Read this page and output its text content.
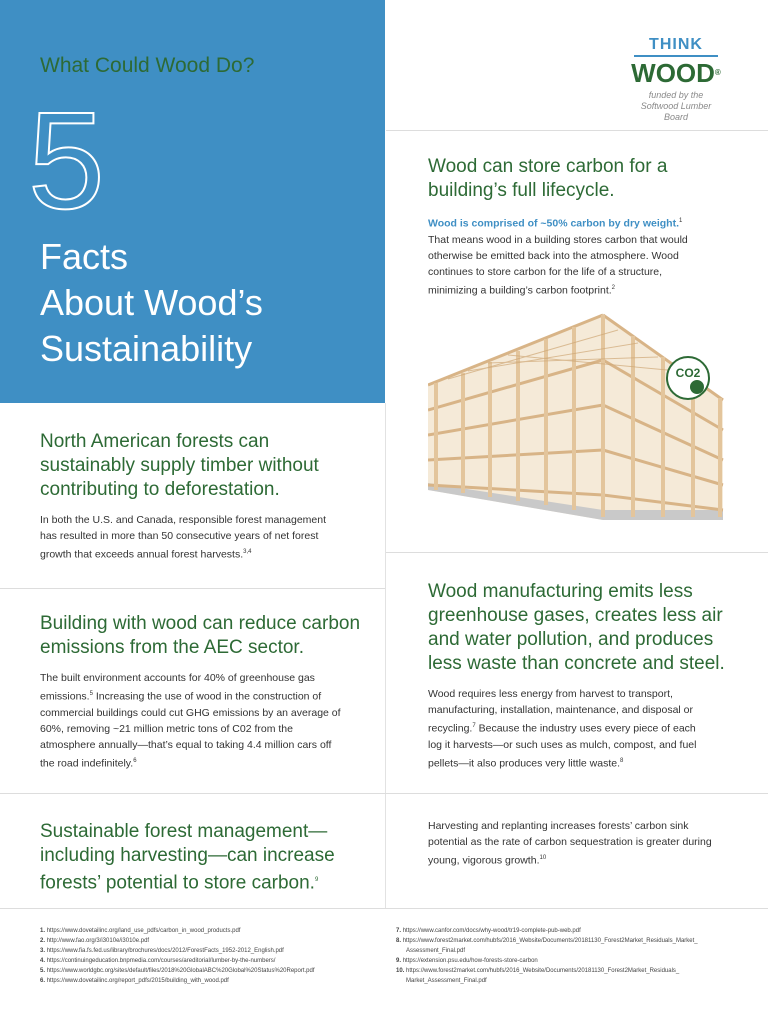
What Could Wood Do?
5
Facts
About Wood’s
Sustainability
THINK
WOOD®
funded by the
Softwood Lumber Board
Wood can store carbon for a building’s full lifecycle.

Wood is comprised of ~50% carbon by dry weight.$^1$
That means wood in a building stores carbon that would otherwise be emitted back into the atmosphere. Wood continues to store carbon for the life of a structure, minimizing a building’s carbon footprint.$^2$

CO2
North American forests can sustainably supply timber without contributing to deforestation.

In both the U.S. and Canada, responsible forest management has resulted in more than 50 consecutive years of net forest growth that exceeds annual forest harvests.$^{3,4}$

Building with wood can reduce carbon emissions from the AEC sector.

The built environment accounts for 40% of greenhouse gas emissions.$^5$ Increasing the use of wood in the construction of commercial buildings could cut GHG emissions by an average of 60%, removing ~21 million metric tons of C02 from the atmosphere annually—that’s equal to taking 4.4 million cars off the road indefinitely.$^6$

Wood manufacturing emits less greenhouse gases, creates less air and water pollution, and produces less waste than concrete and steel.

Wood requires less energy from harvest to transport, manufacturing, installation, maintenance, and disposal or recycling.$^7$ Because the industry uses every piece of each log it harvests—or such uses as mulch, compost, and fuel pellets—it also produces very little waste.$^8$

Sustainable forest management—including harvesting—can increase forests’ potential to store carbon.$^9$

Harvesting and replanting increases forests’ carbon sink potential as the rate of carbon sequestration is greater during young, vigorous growth.$^{10}$

1. https://www.dovetailinc.org/land_use_pdfs/carbon_in_wood_products.pdf
2. http://www.fao.org/3/i3010e/i3010e.pdf
3. https://www.fia.fs.fed.us/library/brochures/docs/2012/ForestFacts_1952-2012_English.pdf
4. https://continuingeducation.bnpmedia.com/courses/areditorial/lumber-by-the-numbers/
5. https://www.worldgbc.org/sites/default/files/2018%20GlobalABC%20Global%20Status%20Report.pdf
6. https://www.dovetailinc.org/report_pdfs/2015/building_with_wood.pdf
7. https://www.canfor.com/docs/why-wood/tr19-complete-pub-web.pdf
8. https://www.forest2market.com/hubfs/2016_Website/Documents/20181130_Forest2Market_Residuals_Market_
Assessment_Final.pdf
9. https://extension.psu.edu/how-forests-store-carbon
10. https://www.forest2market.com/hubfs/2016_Website/Documents/20181130_Forest2Market_Residuals_
Market_Assessment_Final.pdf
